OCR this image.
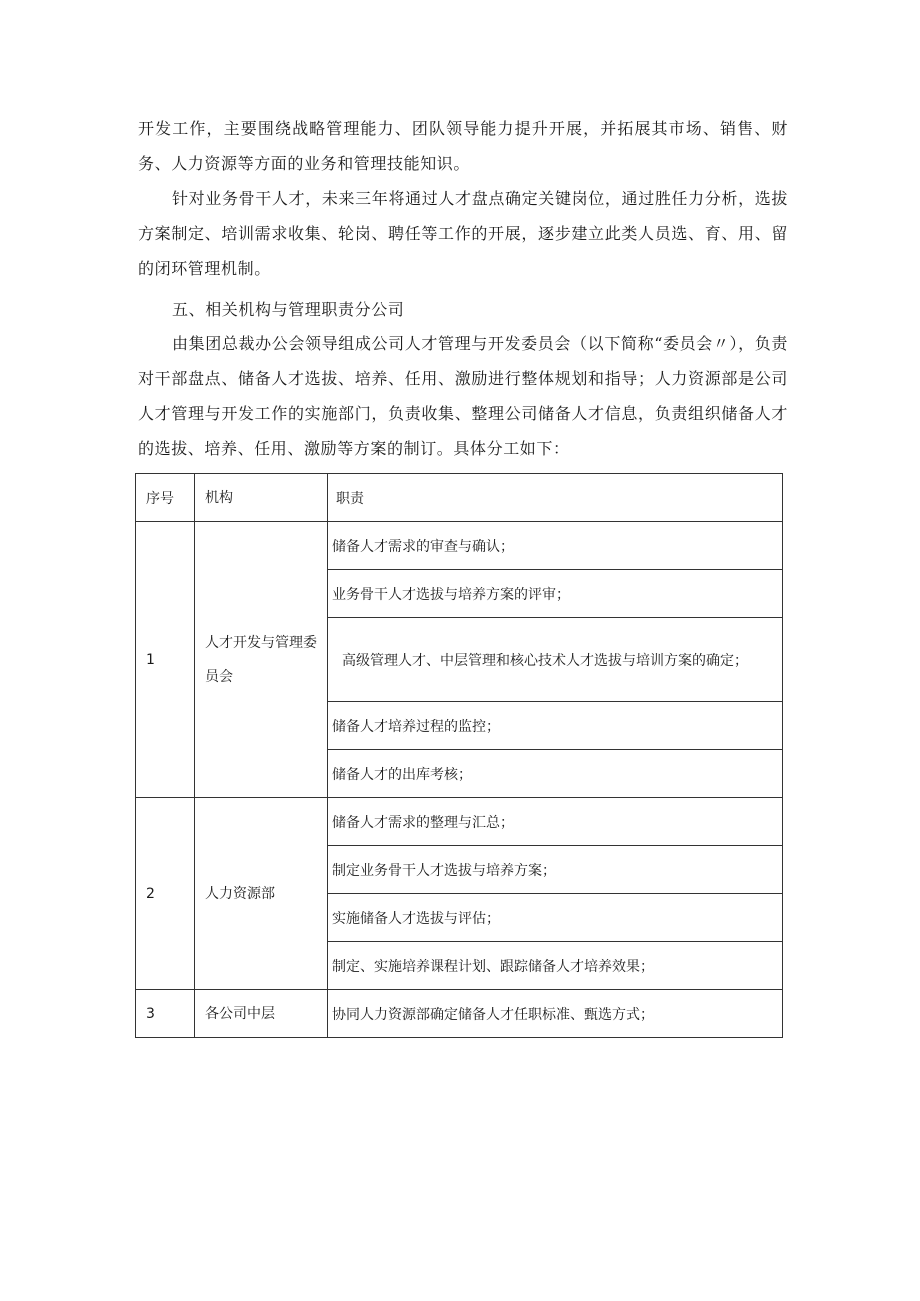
开发工作，主要围绕战略管理能力、团队领导能力提升开展，并拓展其市场、销售、财务、人力资源等方面的业务和管理技能知识。

针对业务骨干人才，未来三年将通过人才盘点确定关键岗位，通过胜任力分析，选拔方案制定、培训需求收集、轮岗、聘任等工作的开展，逐步建立此类人员选、育、用、留的闭环管理机制。

五、相关机构与管理职责分公司

由集团总裁办公会领导组成公司人才管理与开发委员会（以下简称“委员会〃），负责对干部盘点、储备人才选拔、培养、任用、激励进行整体规划和指导；人力资源部是公司人才管理与开发工作的实施部门，负责收集、整理公司储备人才信息，负责组织储备人才的选拔、培养、任用、激励等方案的制订。具体分工如下：

序号	机构	职责
1	人才开发与管理委员会	储备人才需求的审查与确认；
		业务骨干人才选拔与培养方案的评审；
		高级管理人才、中层管理和核心技术人才选拔与培训方案的确定；
		储备人才培养过程的监控；
		储备人才的出库考核；
2	人力资源部	储备人才需求的整理与汇总；
		制定业务骨干人才选拔与培养方案；
		实施储备人才选拔与评估；
		制定、实施培养课程计划、跟踪储备人才培养效果；
3	各公司中层	协同人力资源部确定储备人才任职标准、甄选方式；
